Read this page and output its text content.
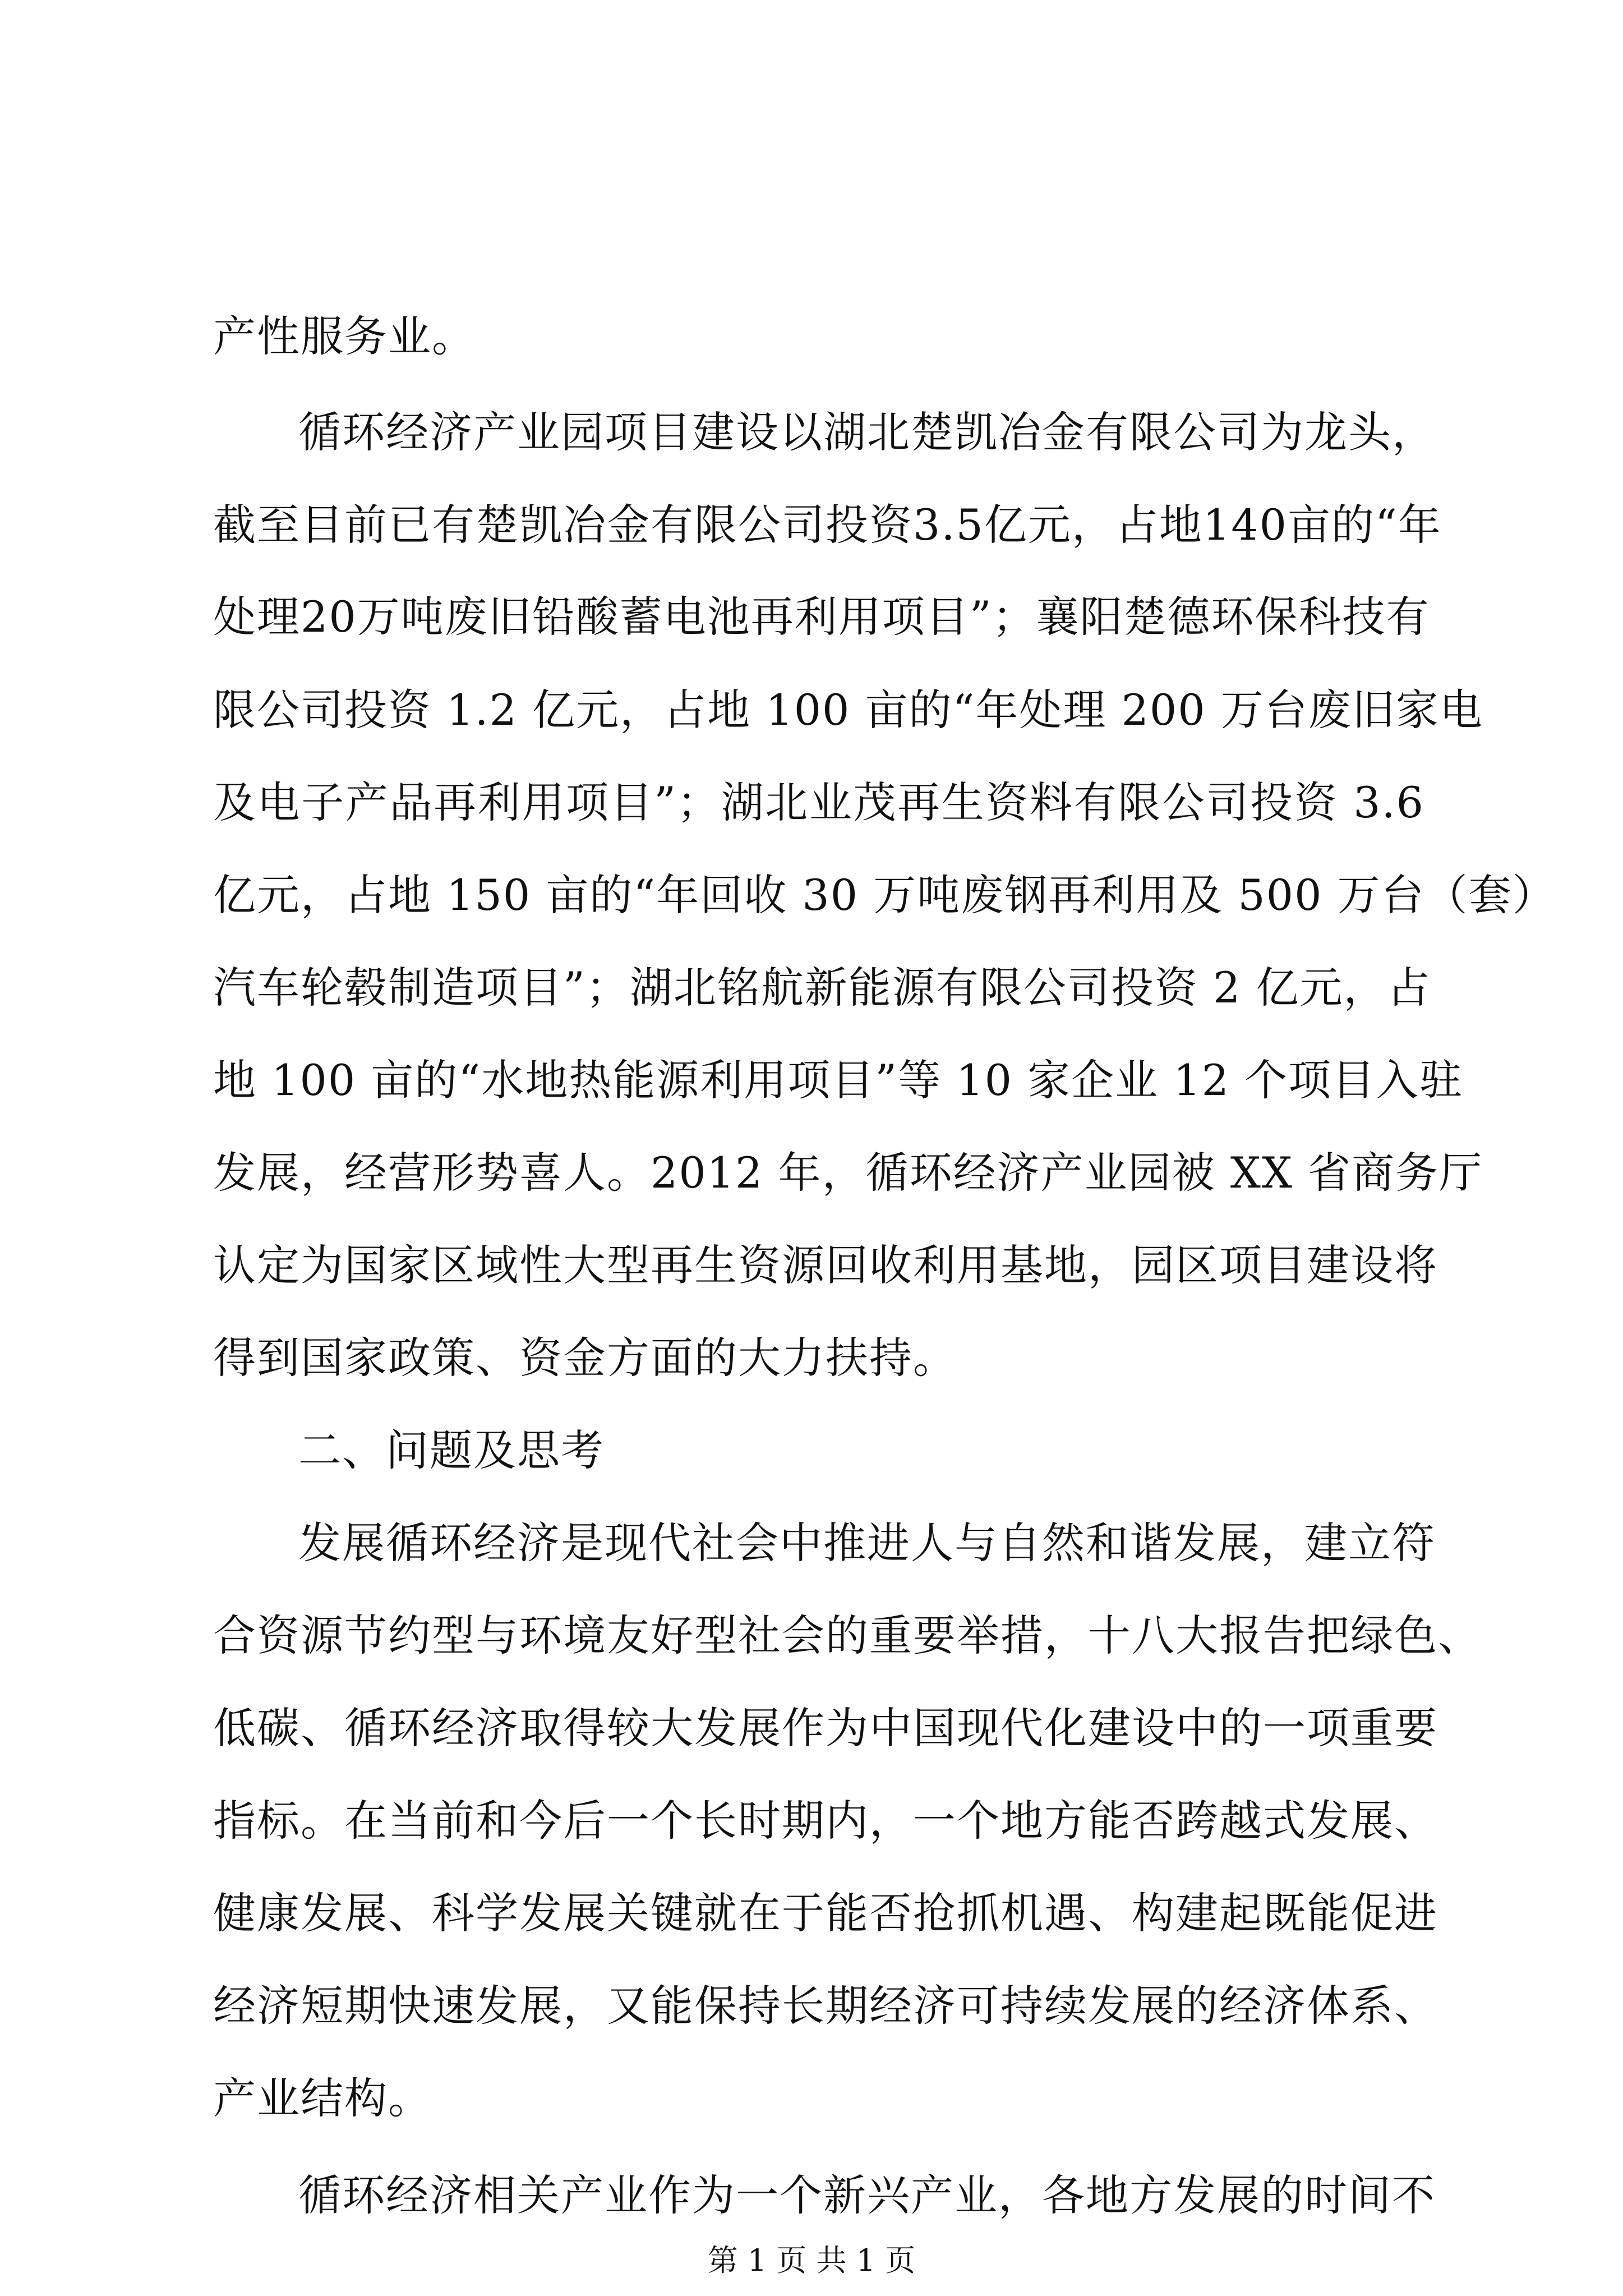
产性服务业。
循环经济产业园项目建设以湖北楚凯冶金有限公司为龙头，
截至目前已有楚凯冶金有限公司投资3.5亿元，占地140亩的“年
处理20万吨废旧铅酸蓄电池再利用项目”；襄阳楚德环保科技有
限公司投资 1.2 亿元，占地 100 亩的“年处理 200 万台废旧家电
及电子产品再利用项目”；湖北业茂再生资料有限公司投资 3.6
亿元，占地 150 亩的“年回收 30 万吨废钢再利用及 500 万台（套）
汽车轮毂制造项目”；湖北铭航新能源有限公司投资 2 亿元，占
地 100 亩的“水地热能源利用项目”等 10 家企业 12 个项目入驻
发展，经营形势喜人。2012 年，循环经济产业园被 XX 省商务厅
认定为国家区域性大型再生资源回收利用基地，园区项目建设将
得到国家政策、资金方面的大力扶持。
二、问题及思考
发展循环经济是现代社会中推进人与自然和谐发展，建立符
合资源节约型与环境友好型社会的重要举措，十八大报告把绿色、
低碳、循环经济取得较大发展作为中国现代化建设中的一项重要
指标。在当前和今后一个长时期内，一个地方能否跨越式发展、
健康发展、科学发展关键就在于能否抢抓机遇、构建起既能促进
经济短期快速发展，又能保持长期经济可持续发展的经济体系、
产业结构。
循环经济相关产业作为一个新兴产业，各地方发展的时间不
第 1 页 共 1 页
